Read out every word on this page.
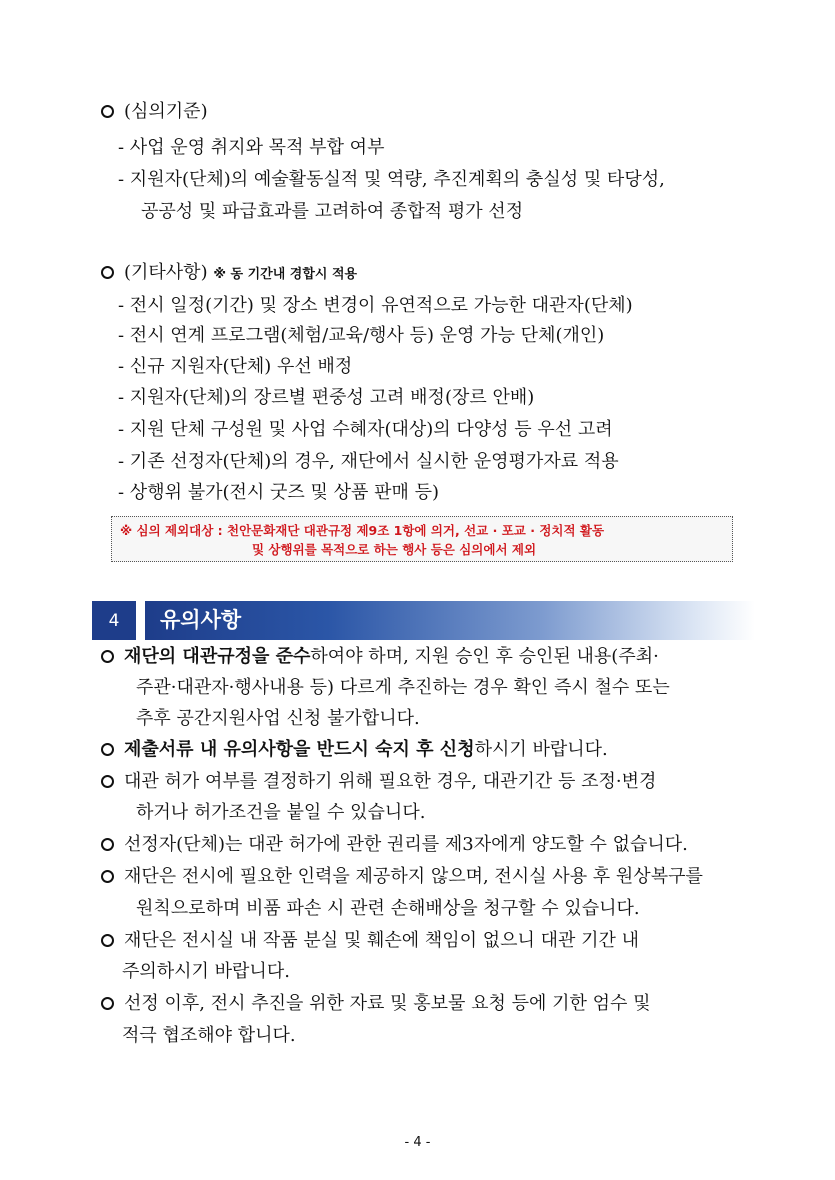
(심의기준)
- 사업 운영 취지와 목적 부합 여부
- 지원자(단체)의 예술활동실적 및 역량, 추진계획의 충실성 및 타당성,
공공성 및 파급효과를 고려하여 종합적 평가 선정
(기타사항) ※ 동 기간내 경합시 적용
- 전시 일정(기간) 및 장소 변경이 유연적으로 가능한 대관자(단체)
- 전시 연계 프로그램(체험/교육/행사 등) 운영 가능 단체(개인)
- 신규 지원자(단체) 우선 배정
- 지원자(단체)의 장르별 편중성 고려 배정(장르 안배)
- 지원 단체 구성원 및 사업 수혜자(대상)의 다양성 등 우선 고려
- 기존 선정자(단체)의 경우, 재단에서 실시한 운영평가자료 적용
- 상행위 불가(전시 굿즈 및 상품 판매 등)
※ 심의 제외대상 : 천안문화재단 대관규정 제9조 1항에 의거, 선교 · 포교 · 정치적 활동
및 상행위를 목적으로 하는 행사 등은 심의에서 제외
4	유의사항
재단의 대관규정을 준수하여야 하며, 지원 승인 후 승인된 내용(주최·
주관·대관자·행사내용 등) 다르게 추진하는 경우 확인 즉시 철수 또는
추후 공간지원사업 신청 불가합니다.
제출서류 내 유의사항을 반드시 숙지 후 신청하시기 바랍니다.
대관 허가 여부를 결정하기 위해 필요한 경우, 대관기간 등 조정·변경
하거나 허가조건을 붙일 수 있습니다.
선정자(단체)는 대관 허가에 관한 권리를 제3자에게 양도할 수 없습니다.
재단은 전시에 필요한 인력을 제공하지 않으며, 전시실 사용 후 원상복구를
원칙으로하며 비품 파손 시 관련 손해배상을 청구할 수 있습니다.
재단은 전시실 내 작품 분실 및 훼손에 책임이 없으니 대관 기간 내
주의하시기 바랍니다.
선정 이후, 전시 추진을 위한 자료 및 홍보물 요청 등에 기한 엄수 및
적극 협조해야 합니다.
- 4 -
